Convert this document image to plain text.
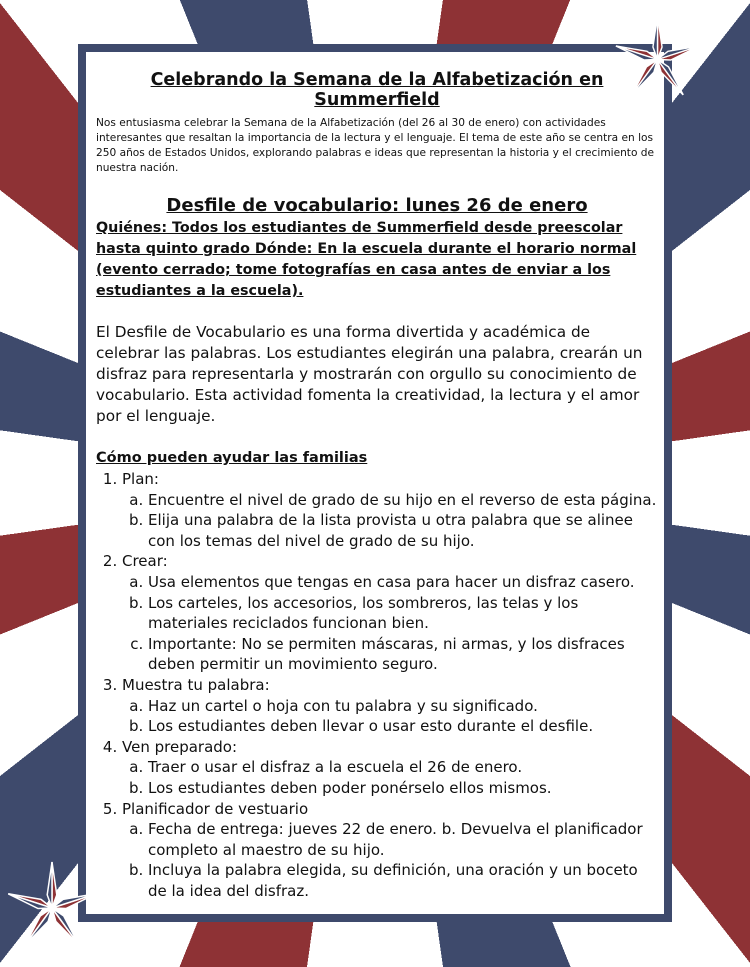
Celebrando la Semana de la Alfabetización en Summerfield

Nos entusiasma celebrar la Semana de la Alfabetización (del 26 al 30 de enero) con actividades interesantes que resaltan la importancia de la lectura y el lenguaje. El tema de este año se centra en los 250 años de Estados Unidos, explorando palabras e ideas que representan la historia y el crecimiento de nuestra nación.

Desfile de vocabulario: lunes 26 de enero

Quiénes: Todos los estudiantes de Summerfield desde preescolar hasta quinto grado Dónde: En la escuela durante el horario normal (evento cerrado; tome fotografías en casa antes de enviar a los estudiantes a la escuela).

El Desfile de Vocabulario es una forma divertida y académica de celebrar las palabras. Los estudiantes elegirán una palabra, crearán un disfraz para representarla y mostrarán con orgullo su conocimiento de vocabulario. Esta actividad fomenta la creatividad, la lectura y el amor por el lenguaje.

Cómo pueden ayudar las familias
1. Plan:
a. Encuentre el nivel de grado de su hijo en el reverso de esta página.
b. Elija una palabra de la lista provista u otra palabra que se alinee con los temas del nivel de grado de su hijo.
2. Crear:
a. Usa elementos que tengas en casa para hacer un disfraz casero.
b. Los carteles, los accesorios, los sombreros, las telas y los materiales reciclados funcionan bien.
c. Importante: No se permiten máscaras, ni armas, y los disfraces deben permitir un movimiento seguro.
3. Muestra tu palabra:
a. Haz un cartel o hoja con tu palabra y su significado.
b. Los estudiantes deben llevar o usar esto durante el desfile.
4. Ven preparado:
a. Traer o usar el disfraz a la escuela el 26 de enero.
b. Los estudiantes deben poder ponérselo ellos mismos.
5. Planificador de vestuario
a. Fecha de entrega: jueves 22 de enero. b. Devuelva el planificador completo al maestro de su hijo.
b. Incluya la palabra elegida, su definición, una oración y un boceto de la idea del disfraz.
